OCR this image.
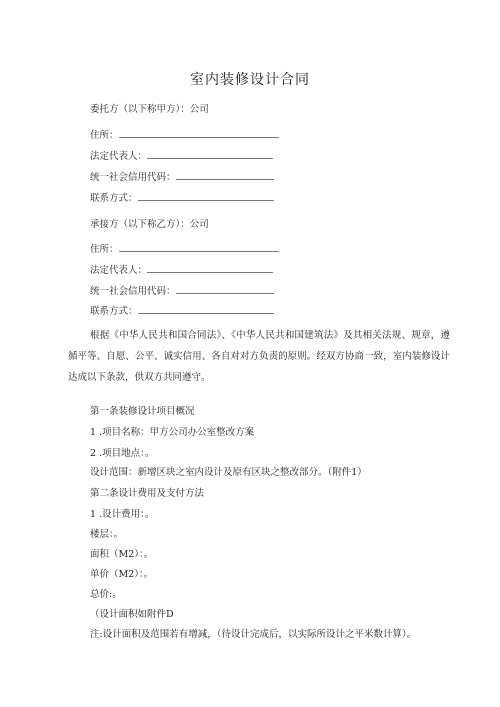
室内装修设计合同
委托方（以下称甲方）：公司
住所：
法定代表人：
统一社会信用代码：
联系方式：
承接方（以下称乙方）：公司
住所：
法定代表人：
统一社会信用代码：
联系方式：
根据《中华人民共和国合同法》、《中华人民共和国建筑法》及其相关法规、规章，遵循平等、自愿、公平、诚实信用、各自对对方负责的原则。经双方协商一致，室内装修设计达成以下条款，供双方共同遵守。
第一条装修设计项目概况
1 .项目名称：甲方公司办公室整改方案
2 .项目地点：。
设计范围：新增区块之室内设计及原有区块之整改部分。（附件1）
第二条设计费用及支付方法
1 .设计费用：。
楼层：。
面积（M2）：。
单价（M2）：。
总价:。
（设计面积如附件D
注:设计面积及范围若有增减，（待设计完成后，以实际所设计之平米数计算）。
